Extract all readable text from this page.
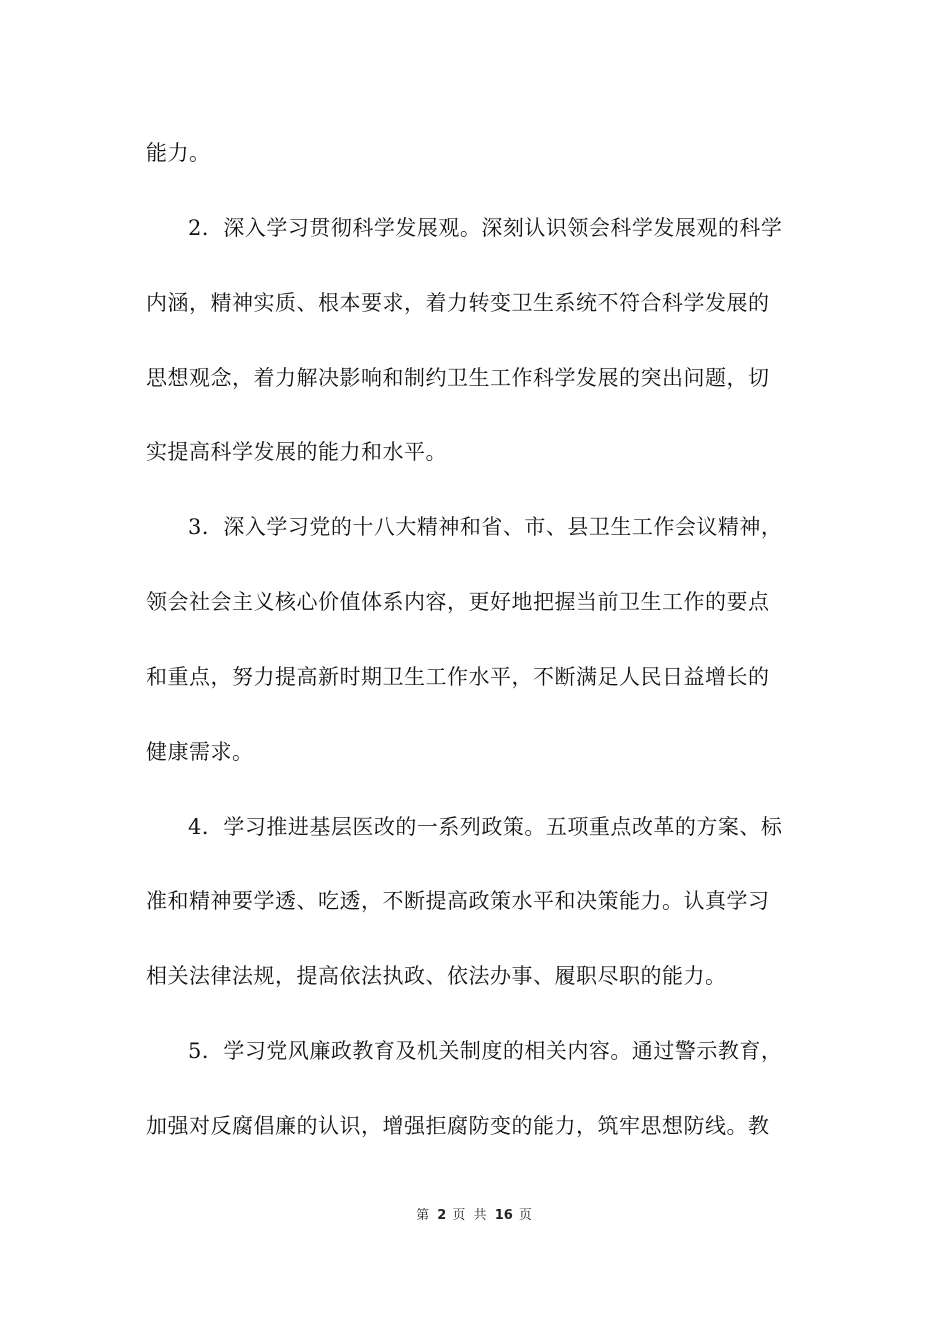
能力。
2．深入学习贯彻科学发展观。深刻认识领会科学发展观的科学
内涵，精神实质、根本要求，着力转变卫生系统不符合科学发展的
思想观念，着力解决影响和制约卫生工作科学发展的突出问题，切
实提高科学发展的能力和水平。
3．深入学习党的十八大精神和省、市、县卫生工作会议精神，
领会社会主义核心价值体系内容，更好地把握当前卫生工作的要点
和重点，努力提高新时期卫生工作水平，不断满足人民日益增长的
健康需求。
4．学习推进基层医改的一系列政策。五项重点改革的方案、标
准和精神要学透、吃透，不断提高政策水平和决策能力。认真学习
相关法律法规，提高依法执政、依法办事、履职尽职的能力。
5．学习党风廉政教育及机关制度的相关内容。通过警示教育，
加强对反腐倡廉的认识，增强拒腐防变的能力，筑牢思想防线。教
第 2 页 共 16 页
